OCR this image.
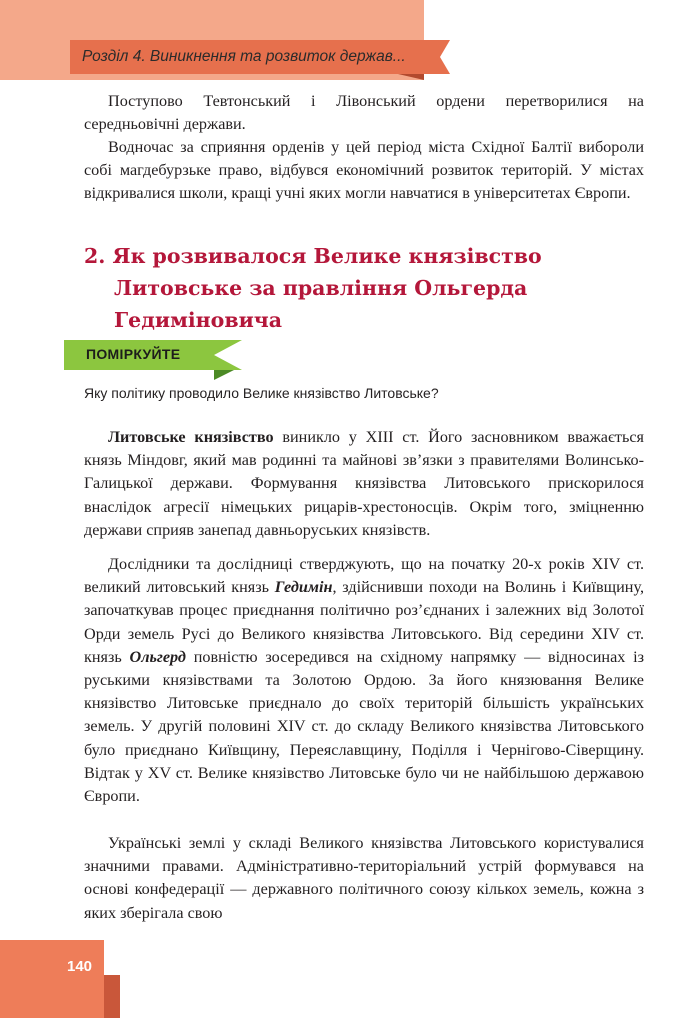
Розділ 4. Виникнення та розвиток держав...

Поступово Тевтонський і Лівонський ордени перетворилися на середньовічні держави.

Водночас за сприяння орденів у цей період міста Східної Балтії вибороли собі магдебурзьке право, відбувся економічний розвиток територій. У містах відкривалися школи, кращі учні яких могли навчатися в університетах Європи.

2. Як розвивалося Велике князівство
Литовське за правління Ольгерда
Гедиміновича
ПОМІРКУЙТЕ
Яку політику проводило Велике князівство Литовське?

Литовське князівство виникло у XIII ст. Його засновником вважається князь Міндовг, який мав родинні та майнові зв’язки з правителями Волинсько-Галицької держави. Формування князівства Литовського прискорилося внаслідок агресії німецьких рицарів-хрестоносців. Окрім того, зміцненню держави сприяв занепад давньоруських князівств.

Дослідники та дослідниці стверджують, що на початку 20-х років XIV ст. великий литовський князь Гедимін, здійснивши походи на Волинь і Київщину, започаткував процес приєднання політично роз’єднаних і залежних від Золотої Орди земель Русі до Великого князівства Литовського. Від середини XIV ст. князь Ольгерд повністю зосередився на східному напрямку — відносинах із руськими князівствами та Золотою Ордою. За його князювання Велике князівство Литовське приєднало до своїх територій більшість українських земель. У другій половині XIV ст. до складу Великого князівства Литовського було приєднано Київщину, Переяславщину, Поділля і Чернігово-Сіверщину. Відтак у XV ст. Велике князівство Литовське було чи не найбільшою державою Європи.

Українські землі у складі Великого князівства Литовського користувалися значними правами. Адміністративно-територіальний устрій формувався на основі конфедерації — державного політичного союзу кількох земель, кожна з яких зберігала свою

140
